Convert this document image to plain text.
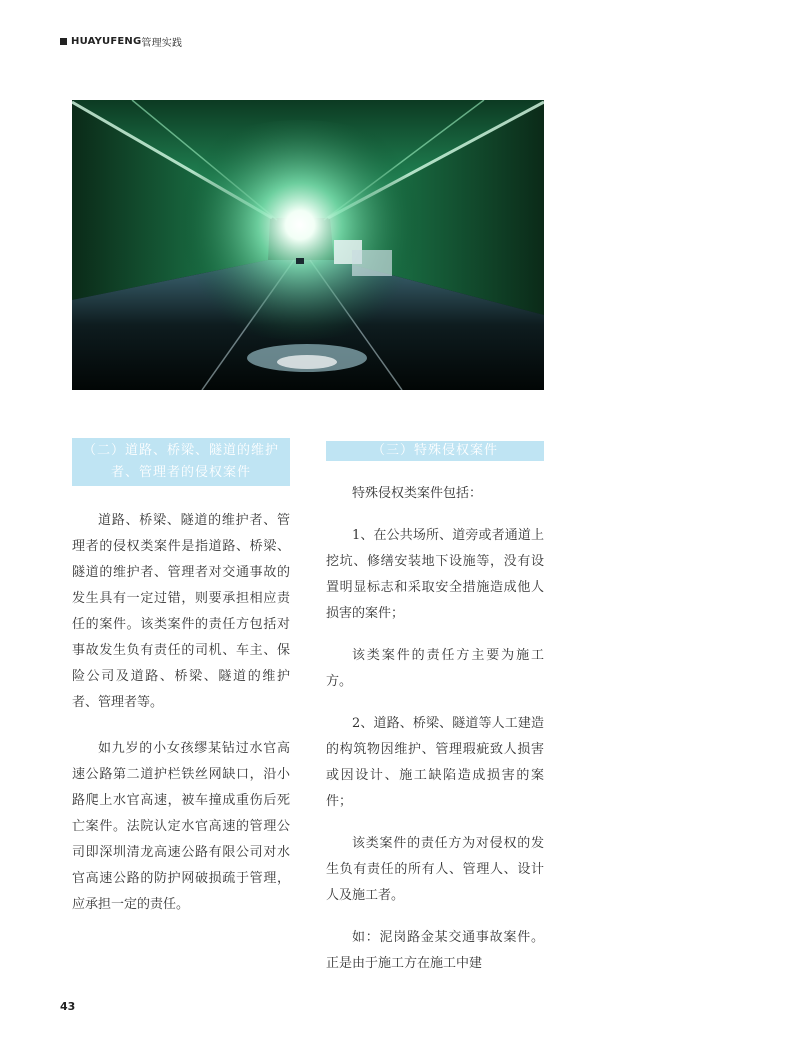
HUAYUFENG 管理实践
（二）道路、桥梁、隧道的维护
者、管理者的侵权案件

道路、桥梁、隧道的维护者、管理者的侵权类案件是指道路、桥梁、隧道的维护者、管理者对交通事故的发生具有一定过错，则要承担相应责任的案件。该类案件的责任方包括对事故发生负有责任的司机、车主、保险公司及道路、桥梁、隧道的维护者、管理者等。

如九岁的小女孩缪某钻过水官高速公路第二道护栏铁丝网缺口，沿小路爬上水官高速，被车撞成重伤后死亡案件。法院认定水官高速的管理公司即深圳清龙高速公路有限公司对水官高速公路的防护网破损疏于管理，应承担一定的责任。

（三）特殊侵权案件

特殊侵权类案件包括：

1、在公共场所、道旁或者通道上挖坑、修缮安装地下设施等，没有设置明显标志和采取安全措施造成他人损害的案件；

该类案件的责任方主要为施工方。

2、道路、桥梁、隧道等人工建造的构筑物因维护、管理瑕疵致人损害或因设计、施工缺陷造成损害的案件；

该类案件的责任方为对侵权的发生负有责任的所有人、管理人、设计人及施工者。

如：泥岗路金某交通事故案件。正是由于施工方在施工中建

43
